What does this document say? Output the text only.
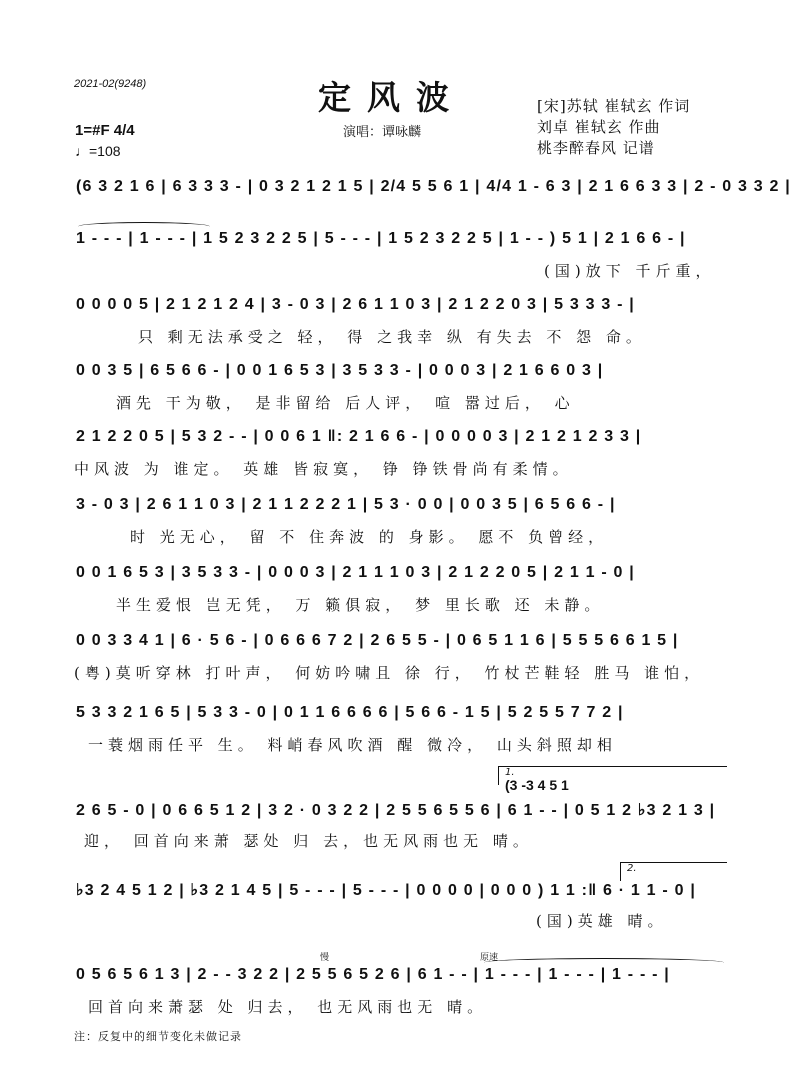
2021-02(9248)	定风波
演唱：谭咏麟
[宋]苏轼 崔轼玄 作词
刘卓 崔轼玄 作曲
桃李醉春风 记谱
1=#F 4/4
♩=108
(6 3 2 1 6 | 6 3 3 3 - | 0 3 2 1 2 1 5 | 2/4 5 5 6 1 | 4/4 1 - 6 3 | 2 1 6 6 3 3 | 2 - 0 3 3 2 |
1 - - - | 1 - - - | 1 5 2 3 2 2 5 | 5 - - - | 1 5 2 3 2 2 5 | 1 - - ) 5 1 | 2 1 6 6 - |
(国)放下 千斤重，
0 0 0 0 5 | 2 1 2 1 2 4 | 3 - 0 3 | 2 6 1 1 0 3 | 2 1 2 2 0 3 | 5 3 3 3 - |
只 剩无法承受之 轻， 得 之我幸 纵 有失去 不 怨 命。
0 0 3 5 | 6 5 6 6 - | 0 0 1 6 5 3 | 3 5 3 3 - | 0 0 0 3 | 2 1 6 6 0 3 |
酒先 干为敬， 是非留给 后人评， 喧 嚣过后， 心
2 1 2 2 0 5 | 5 3 2 - - | 0 0 6 1 ‖: 2 1 6 6 - | 0 0 0 0 3 | 2 1 2 1 2 3 3 |
中风波 为 谁定。 英雄 皆寂寞， 铮 铮铁骨尚有柔情。
3 - 0 3 | 2 6 1 1 0 3 | 2 1 1 2 2 2 1 | 5 3 · 0 0 | 0 0 3 5 | 6 5 6 6 - |
时 光无心， 留 不 住奔波 的 身影。 愿不 负曾经，
0 0 1 6 5 3 | 3 5 3 3 - | 0 0 0 3 | 2 1 1 1 0 3 | 2 1 2 2 0 5 | 2 1 1 - 0 |
半生爱恨 岂无凭， 万 籁俱寂， 梦 里长歌 还 未静。
0 0 3 3 4 1 | 6 · 5 6 - | 0 6 6 6 7 2 | 2 6 5 5 - | 0 6 5 1 1 6 | 5 5 5 6 6 1 5 |
(粤)莫听穿林 打叶声， 何妨吟啸且 徐 行， 竹杖芒鞋轻 胜马 谁怕，
5 3 3 2 1 6 5 | 5 3 3 - 0 | 0 1 1 6 6 6 6 | 5 6 6 - 1 5 | 5 2 5 5 7 7 2 |
一蓑烟雨任平 生。 料峭春风吹酒 醒 微冷， 山头斜照却相
1.
(3 -3 4 5 1
2 6 5 - 0 | 0 6 6 5 1 2 | 3 2 · 0 3 2 2 | 2 5 5 6 5 5 6 | 6 1 - - | 0 5 1 2 ♭3 2 1 3 |
迎， 回首向来萧 瑟处 归 去，也无风雨也无 晴。
2.
♭3 2 4 5 1 2 | ♭3 2 1 4 5 | 5 - - - | 5 - - - | 0 0 0 0 | 0 0 0 ) 1 1 :‖ 6 · 1 1 - 0 |
(国)英雄 晴。
慢	原速
0 5 6 5 6 1 3 | 2 - - 3 2 2 | 2 5 5 6 5 2 6 | 6 1 - - | 1 - - - | 1 - - - | 1 - - - |
回首向来萧瑟 处 归去， 也无风雨也无 晴。
注：反复中的细节变化未做记录
